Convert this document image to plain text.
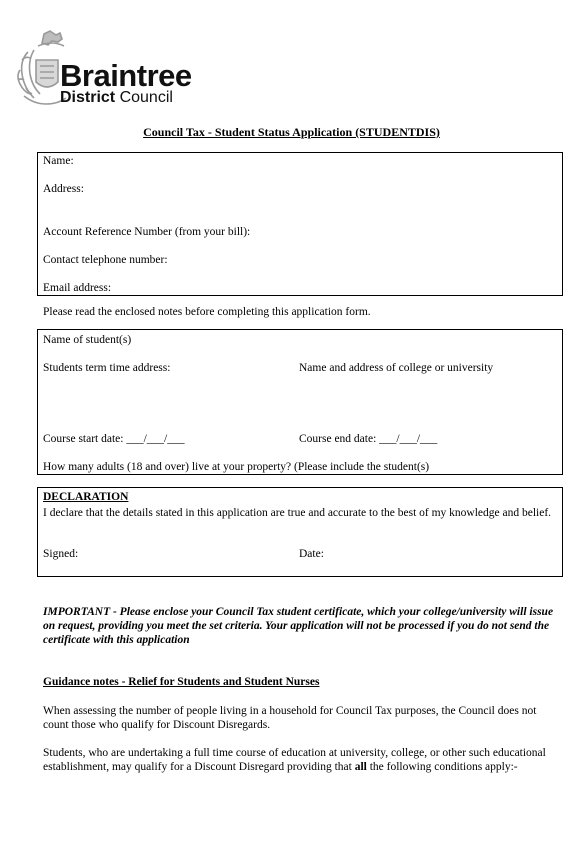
Braintree
District Council
Council Tax - Student Status Application (STUDENTDIS)
Name:
Address:
Account Reference Number (from your bill):
Contact telephone number:
Email address:
Please read the enclosed notes before completing this application form.
Name of student(s)
Students term time address:	Name and address of college or university
Course start date: ___/___/___	Course end date: ___/___/___
How many adults (18 and over) live at your property? (Please include the student(s)
DECLARATION
I declare that the details stated in this application are true and accurate to the best of my knowledge and belief.
Signed:	Date:
IMPORTANT - Please enclose your Council Tax student certificate, which your college/university will issue on request, providing you meet the set criteria. Your application will not be processed if you do not send the certificate with this application
Guidance notes - Relief for Students and Student Nurses
When assessing the number of people living in a household for Council Tax purposes, the Council does not count those who qualify for Discount Disregards.
Students, who are undertaking a full time course of education at university, college, or other such educational establishment, may qualify for a Discount Disregard providing that all the following conditions apply:-
